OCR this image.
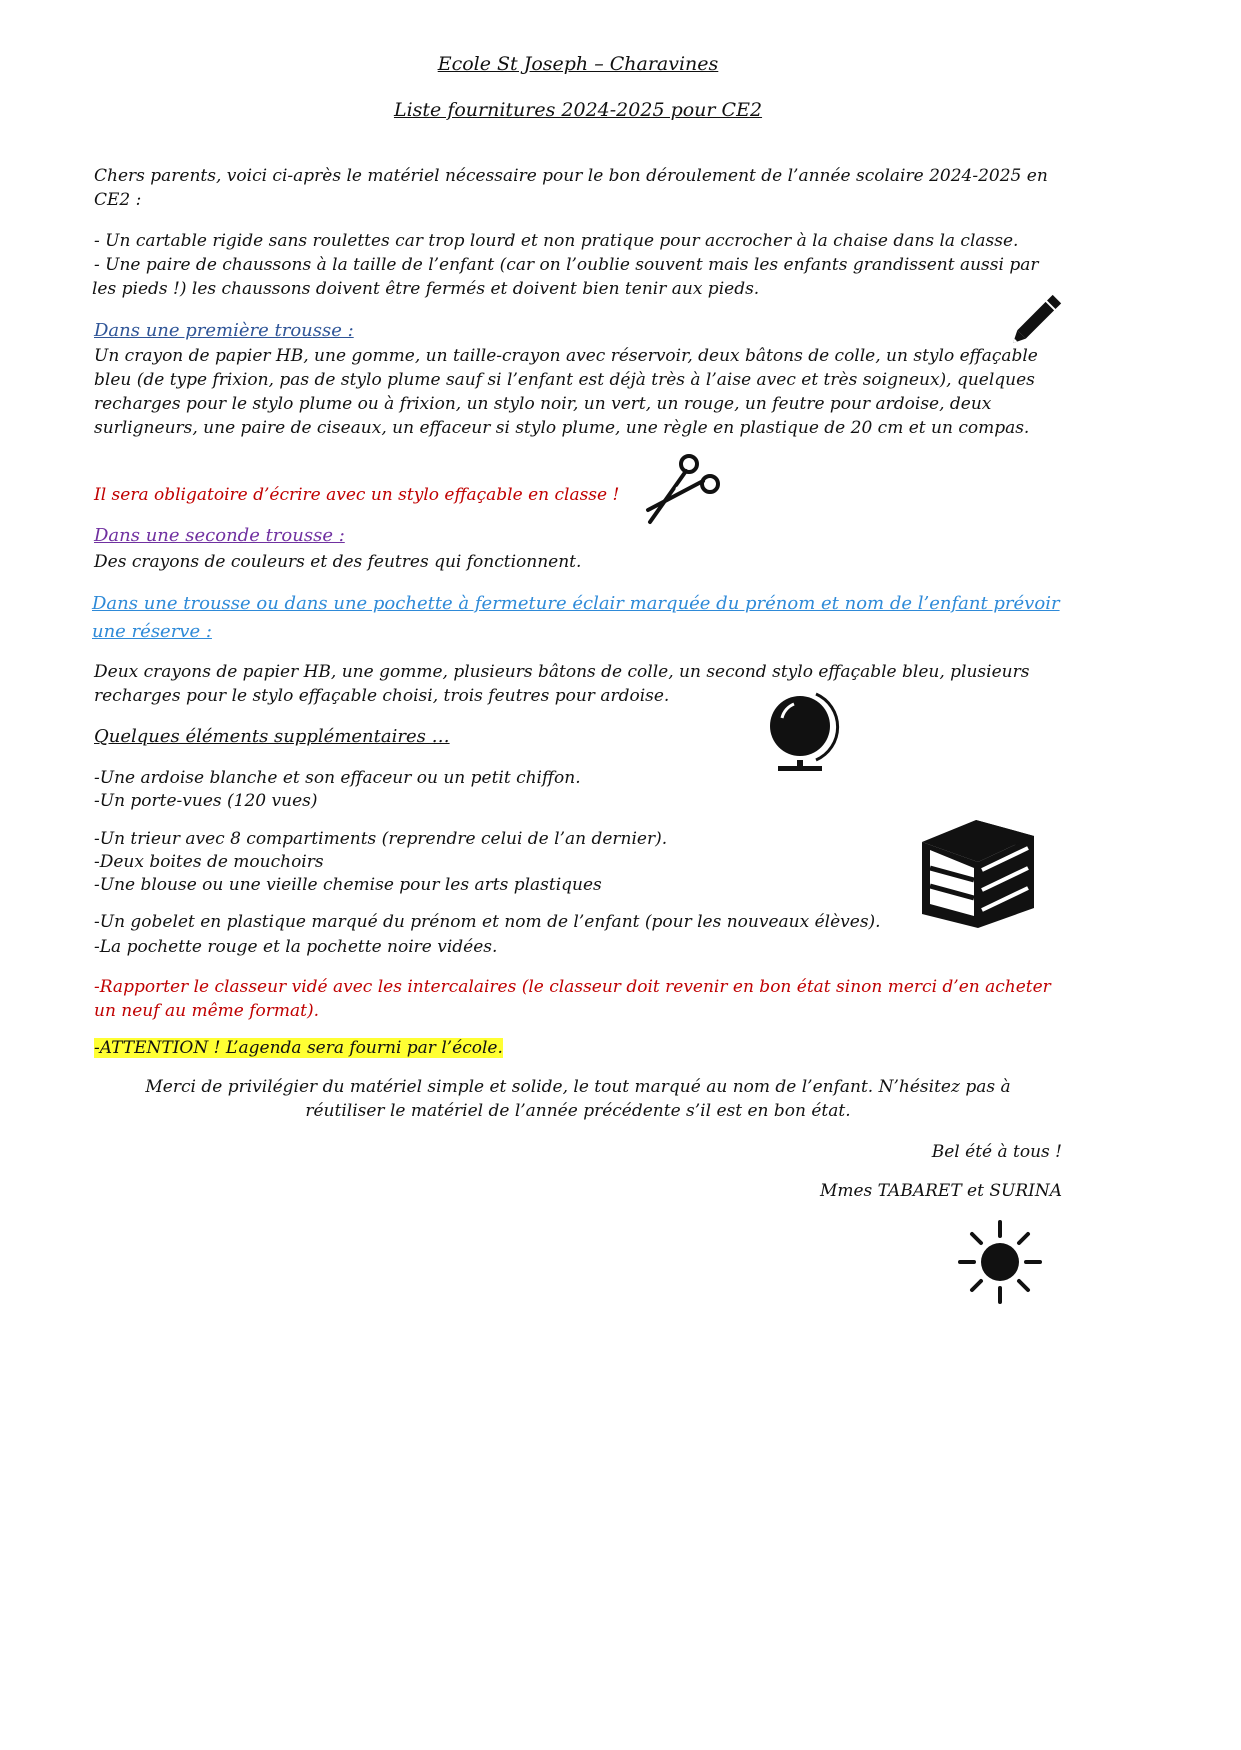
Ecole St Joseph – Charavines

Liste fournitures 2024-2025 pour CE2

Chers parents, voici ci-après le matériel nécessaire pour le bon déroulement de l’année scolaire 2024-2025 en CE2 :

- Un cartable rigide sans roulettes car trop lourd et non pratique pour accrocher à la chaise dans la classe.

- Une paire de chaussons à la taille de l’enfant (car on l’oublie souvent mais les enfants grandissent aussi par les pieds !) les chaussons doivent être fermés et doivent bien tenir aux pieds.

Dans une première trousse :

Un crayon de papier HB, une gomme, un taille-crayon avec réservoir, deux bâtons de colle, un stylo effaçable bleu (de type frixion, pas de stylo plume sauf si l’enfant est déjà très à l’aise avec et très soigneux), quelques recharges pour le stylo plume ou à frixion, un stylo noir, un vert, un rouge, un feutre pour ardoise, deux surligneurs, une paire de ciseaux, un effaceur si stylo plume, une règle en plastique de 20 cm et un compas.

Il sera obligatoire d’écrire avec un stylo effaçable en classe !

Dans une seconde trousse :

Des crayons de couleurs et des feutres qui fonctionnent.

Dans une trousse ou dans une pochette à fermeture éclair marquée du prénom et nom de l’enfant prévoir une réserve :

Deux crayons de papier HB, une gomme, plusieurs bâtons de colle, un second stylo effaçable bleu, plusieurs recharges pour le stylo effaçable choisi, trois feutres pour ardoise.

Quelques éléments supplémentaires …

-Une ardoise blanche et son effaceur ou un petit chiffon.

-Un porte-vues (120 vues)

-Un trieur avec 8 compartiments (reprendre celui de l’an dernier).

-Deux boites de mouchoirs

-Une blouse ou une vieille chemise pour les arts plastiques

-Un gobelet en plastique marqué du prénom et nom de l’enfant (pour les nouveaux élèves).

-La pochette rouge et la pochette noire vidées.

-Rapporter le classeur vidé avec les intercalaires (le classeur doit revenir en bon état sinon merci d’en acheter un neuf au même format).

-ATTENTION ! L’agenda sera fourni par l’école.

Merci de privilégier du matériel simple et solide, le tout marqué au nom de l’enfant. N’hésitez pas à réutiliser le matériel de l’année précédente s’il est en bon état.

Bel été à tous !

Mmes TABARET et SURINA
